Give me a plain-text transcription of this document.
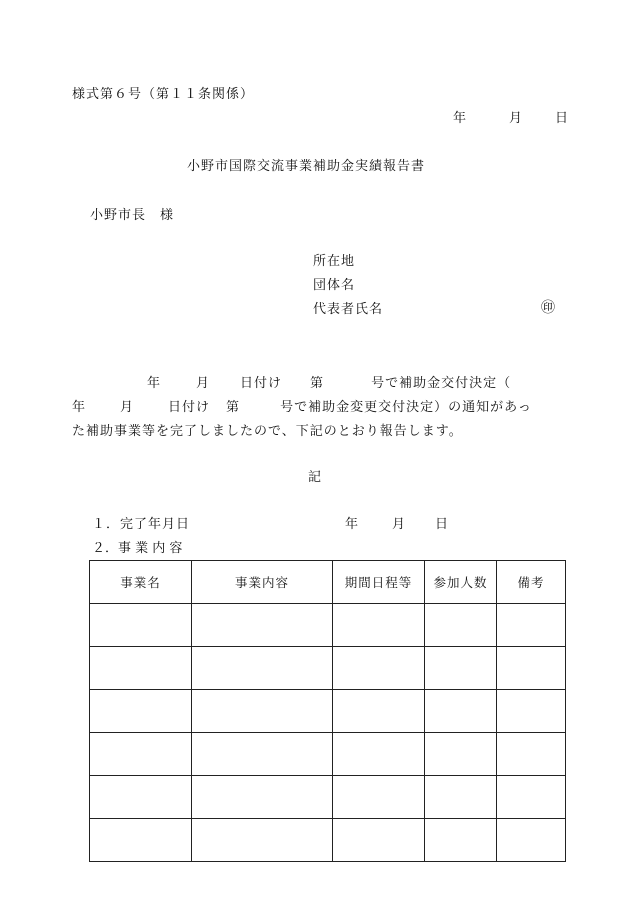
様式第６号（第１１条関係）
年	月	日
小野市国際交流事業補助金実績報告書
小野市長 様
所在地
団体名
代表者氏名	㊞
年	月 日付け 第	号で補助金交付決定（
年	月	日付け 第	号で補助金変更交付決定）の通知があっ
た補助事業等を完了しましたので、下記のとおり報告します。
記
１．完了年月日	年	月 日
２．事 業 内 容
事業名	事業内容	期間日程等	参加人数	備考
